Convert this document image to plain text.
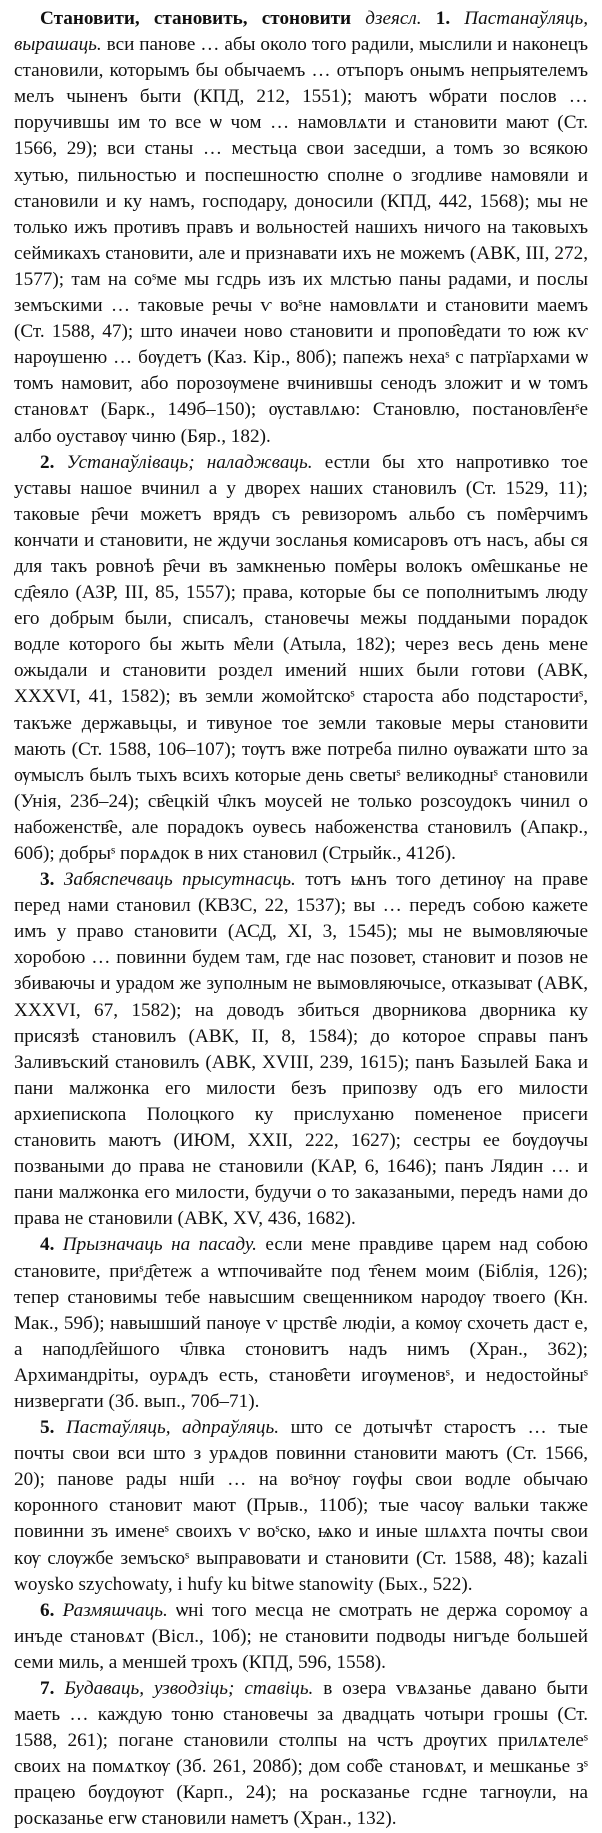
Становити, становить, стоновити дзеясл. 1. Пастанаўляць, вырашаць. вси панове … абы около того радили, мыслили и наконецъ становили, которымъ бы обычаемъ … отъпоръ онымъ непрыятелемъ мелъ чыненъ быти (КПД, 212, 1551); маютъ ѡбрати послов … поручившы им то все ѡ чом … намовлѧти и становити мают (Ст. 1566, 29); вси станы … местьца свои заседши, а томъ зо всякою хутью, пильностью и поспешностю сполне о згодливе намовяли и становили и ку намъ, господару, доносили (КПД, 442, 1568); мы не только ижъ противъ правъ и вольностей нашихъ ничого на таковыхъ сеймикахъ становити, але и признавати ихъ не можемъ (АВК, III, 272, 1577); там на соˢме мы гсдрь изъ их млстью паны радами, и послы земъскими … таковые речы ѵ воˢне намовлѧти и становити маемъ (Ст. 1588, 47); што иначеи ново становити и пропов҄едати то юж кѵ нарѹшеню … бѹдетъ (Каз. Кір., 80б); папежъ нехаˢ с патрїархами ѡ томъ намовит, або порозѹмене вчинившы сенодъ зложит и ѡ томъ становѧт (Барк., 149б–150); ѹставлѧю: Становлю, постановл҄енˢе албо оуставѹ чиню (Бяр., 182).

2. Устанаўліваць; наладжваць. естли бы хто напротивко тое уставы нашое вчинил а у дворех наших становилъ (Ст. 1529, 11); таковые р҄ечи можетъ врядъ съ ревизоромъ альбо съ пом҄ерчимъ кончати и становити, не ждучи зосланья комисаровъ отъ насъ, абы ся для такъ ровноѣ р҄ечи въ замкненью пом҄еры волокъ ом҄ешканье не сд҄еяло (АЗР, III, 85, 1557); права, которые бы се пополнитымъ люду его добрым были, списалъ, становечы межы поддаными порадок водле которого бы жыть м҄ели (Атыла, 182); через весь день мене ожыдали и становити роздел имений нших были готови (АВК, XXXVI, 41, 1582); въ земли жомойтскоˢ староста або подстаростиˢ, такъже державьцы, и тивуное тое земли таковые меры становити мають (Ст. 1588, 106–107); тѹтъ вже потреба пилно ѹважати што за ѹмыслъ былъ тыхъ всихъ которые день светыˢ великодныˢ становили (Унія, 23б–24); св҄ецкій ч҄лкъ моусей не только розсоудокъ чинил о набоженств҄е, але порадокъ оувесь набоженства становилъ (Апакр., 60б); добрыˢ порѧдок в них становил (Стрыйк., 412б).

3. Забяспечваць прысутнасць. тотъ ѩнъ того детинѹ на праве перед нами становил (КВЗС, 22, 1537); вы … передъ собою кажете имъ у право становити (АСД, XI, 3, 1545); мы не вымовляючые хоробою … повинни будем там, где нас позовет, становит и позов не збиваючы и урадом же зуполным не вымовляючысе, отказыват (АВК, XXXVI, 67, 1582); на доводъ збиться дворникова дворника ку присязѣ становилъ (АВК, II, 8, 1584); до которое справы панъ Заливъский становилъ (АВК, XVIII, 239, 1615); панъ Базылей Бака и пани малжонка его милости безъ припозву одъ его милости архиепископа Полоцкого ку прислуханю помененое присеги становить маютъ (ИЮМ, XXII, 222, 1627); сестры ее бѹдѹчы позваными до права не становили (КАР, 6, 1646); панъ Лядин … и пани малжонка его милости, будучи о то заказаными, передъ нами до права не становили (АВК, XV, 436, 1682).

4. Прызначаць на пасаду. если мене правдиве царем над собою становите, приˢд҄етеж а ѡтпочивайте под т҄енем моим (Біблія, 126); тепер становимы тебе навысшим свещенником народѹ твоего (Кн. Мак., 59б); навышший панѹе ѵ црств҄е людіи, а комѹ схочеть даст е, а наподл҄ейшого ч҄лвка стоновитъ надъ нимъ (Хран., 362); Архимандріты, оурѧдъ есть, станов҄ети игѹменовˢ, и недостойныˢ низвергати (Зб. вып., 70б–71).

5. Пастаўляць, адпраўляць. што се дотычѣт старостъ … тые почты свои вси што з урѧдов повинни становити маютъ (Ст. 1566, 20); панове рады нш҃и … на воˢнѹ гѹфы свои водле обычаю коронного становит мают (Прыв., 110б); тые часѹ вальки также повинни зъ именеˢ своихъ ѵ воˢско, ѩко и иные шлѧхта почты свои кѹ слѹжбе земъскоˢ выправовати и становити (Ст. 1588, 48); kazali woysko szychowaty, i hufy ku bitwe stanowity (Бых., 522).

6. Размяшчаць. ѡнi того месца не смотрать не держа соромѹ а инъде становѧт (Вісл., 10б); не становити подводы нигъде большей семи миль, а меншей трохъ (КПД, 596, 1558).

7. Будаваць, узводзіць; ставіць. в озера ѵвѧзанье давано быти маеть … каждую тоню становечы за двадцать чотыри грошы (Ст. 1588, 261); погане становили столпы на чстъ дрѹгих прилѧтелеˢ своих на помѧткѹ (Зб. 261, 208б); дом соб҄е становѧт, и мешканье зˢ працею бѹдѹют (Карп., 24); на росказанье гсдне тагнѹли, на росказанье егѡ становили наметъ (Хран., 132).
